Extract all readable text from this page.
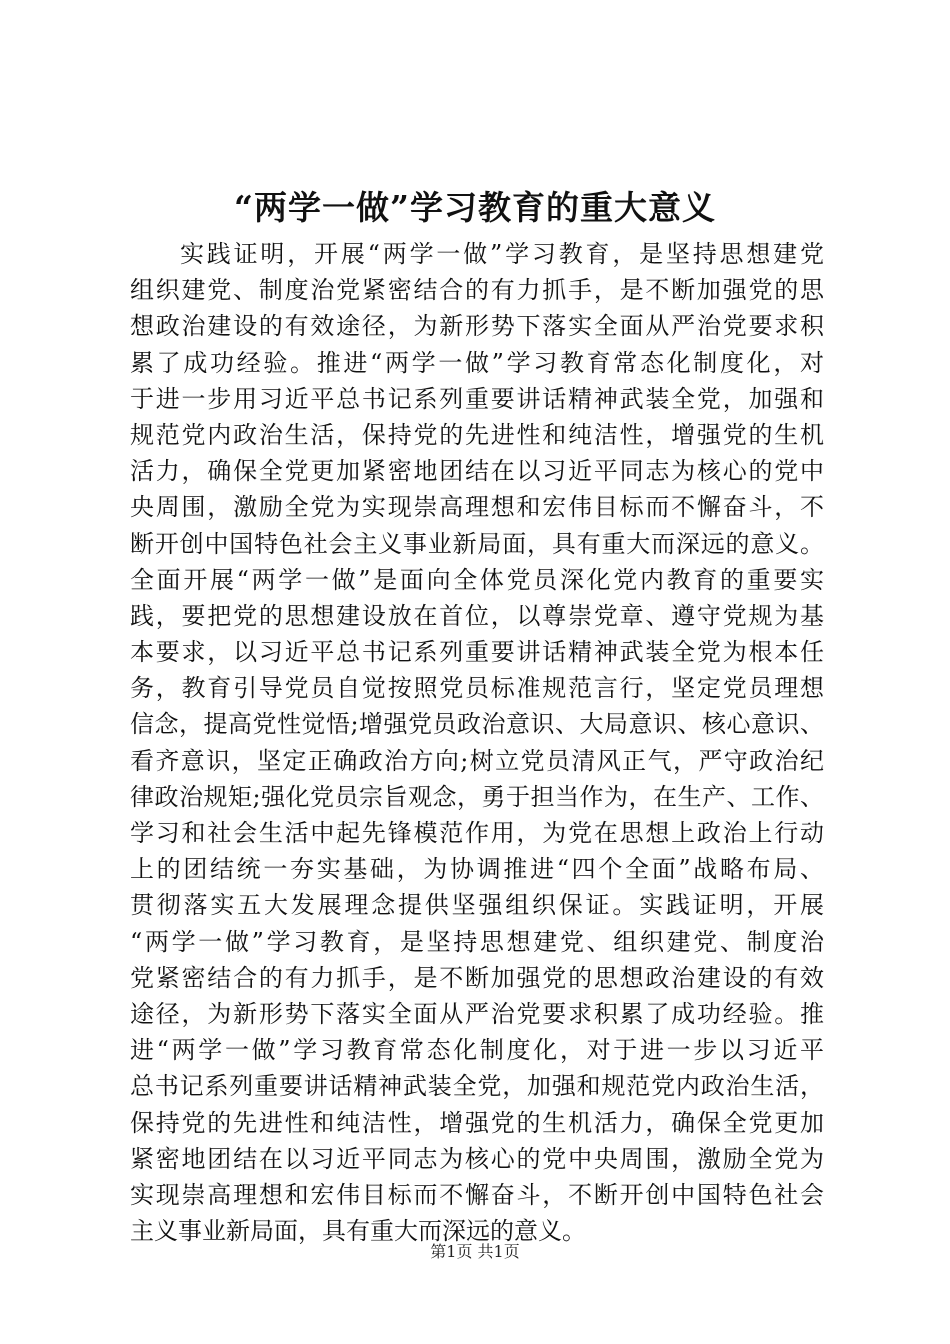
“两学一做”学习教育的重大意义
实践证明，开展“两学一做”学习教育，是坚持思想建党
组织建党、制度治党紧密结合的有力抓手，是不断加强党的思
想政治建设的有效途径，为新形势下落实全面从严治党要求积
累了成功经验。推进“两学一做”学习教育常态化制度化，对
于进一步用习近平总书记系列重要讲话精神武装全党，加强和
规范党内政治生活，保持党的先进性和纯洁性，增强党的生机
活力，确保全党更加紧密地团结在以习近平同志为核心的党中
央周围，激励全党为实现崇高理想和宏伟目标而不懈奋斗，不
断开创中国特色社会主义事业新局面，具有重大而深远的意义。
全面开展“两学一做”是面向全体党员深化党内教育的重要实
践，要把党的思想建设放在首位，以尊崇党章、遵守党规为基
本要求，以习近平总书记系列重要讲话精神武装全党为根本任
务，教育引导党员自觉按照党员标准规范言行，坚定党员理想
信念，提高党性觉悟;增强党员政治意识、大局意识、核心意识、
看齐意识，坚定正确政治方向;树立党员清风正气，严守政治纪
律政治规矩;强化党员宗旨观念，勇于担当作为，在生产、工作、
学习和社会生活中起先锋模范作用，为党在思想上政治上行动
上的团结统一夯实基础，为协调推进“四个全面”战略布局、
贯彻落实五大发展理念提供坚强组织保证。实践证明，开展
“两学一做”学习教育，是坚持思想建党、组织建党、制度治
党紧密结合的有力抓手，是不断加强党的思想政治建设的有效
途径，为新形势下落实全面从严治党要求积累了成功经验。推
进“两学一做”学习教育常态化制度化，对于进一步以习近平
总书记系列重要讲话精神武装全党，加强和规范党内政治生活，
保持党的先进性和纯洁性，增强党的生机活力，确保全党更加
紧密地团结在以习近平同志为核心的党中央周围，激励全党为
实现崇高理想和宏伟目标而不懈奋斗，不断开创中国特色社会
主义事业新局面，具有重大而深远的意义。
第1页 共1页
